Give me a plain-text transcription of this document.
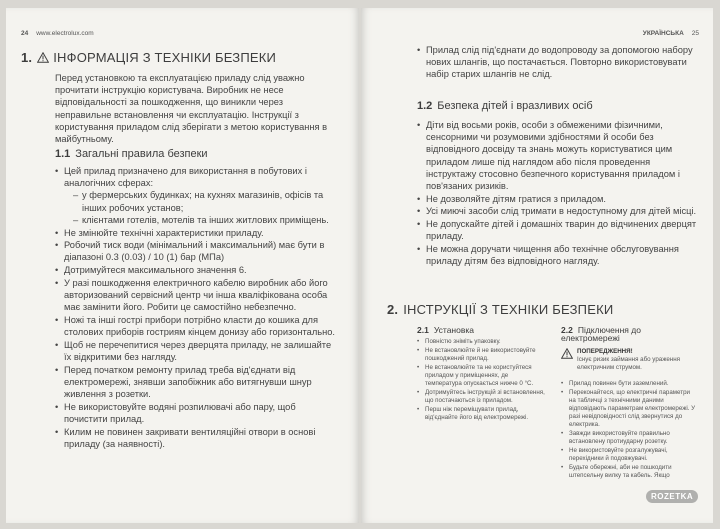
24 www.electrolux.com
1. ІНФОРМАЦІЯ З ТЕХНІКИ БЕЗПЕКИ
Перед установкою та експлуатацією приладу слід уважно прочитати інструкцію користувача. Виробник не несе відповідальності за пошкодження, що виникли через неправильне встановлення чи експлуатацію. Інструкції з користування приладом слід зберігати з метою користування в майбутньому.
1.1 Загальні правила безпеки
• Цей прилад призначено для використання в побутових і аналогічних сферах:
– у фермерських будинках; на кухнях магазинів, офісів та інших робочих установ;
– клієнтами готелів, мотелів та інших житлових приміщень.
• Не змінюйте технічні характеристики приладу.
• Робочий тиск води (мінімальний і максимальний) має бути в діапазоні 0.3 (0.03) / 10 (1) бар (МПа)
• Дотримуйтеся максимального значення 6.
• У разі пошкодження електричного кабелю виробник або його авторизований сервісний центр чи інша кваліфікована особа має замінити його. Робити це самостійно небезпечно.
• Ножі та інші гострі прибори потрібно класти до кошика для столових приборів гостриям кінцем донизу або горизонтально.
• Щоб не перечепитися через дверцята приладу, не залишайте їх відкритими без нагляду.
• Перед початком ремонту прилад треба від'єднати від електромережі, знявши запобіжник або витягнувши шнур живлення з розетки.
• Не використовуйте водяні розпилювачі або пару, щоб почистити прилад.
• Килим не повинен закривати вентиляційні отвори в основі приладу (за наявності).
УКРАЇНСЬКА 25
• Прилад слід під'єднати до водопроводу за допомогою набору нових шлангів, що постачається. Повторно використовувати набір старих шлангів не слід.
1.2 Безпека дітей і вразливих осіб
• Діти від восьми років, особи з обмеженими фізичними, сенсорними чи розумовими здібностями й особи без відповідного досвіду та знань можуть користуватися цим приладом лише під наглядом або після проведення інструктажу стосовно безпечного користування приладом і пов'язаних ризиків.
• Не дозволяйте дітям гратися з приладом.
• Усі миючі засоби слід тримати в недоступному для дітей місці.
• Не допускайте дітей і домашніх тварин до відчинених дверцят приладу.
• Не можна доручати чищення або технічне обслуговування приладу дітям без відповідного нагляду.
2. ІНСТРУКЦІЇ З ТЕХНІКИ БЕЗПЕКИ
2.1 Установка
• Повністю зніміть упаковку.
• Не встановлюйте й не використовуйте пошкоджений прилад.
• Не встановлюйте та не користуйтеся приладом у приміщеннях, де температура опускається нижче 0 °C.
• Дотримуйтесь інструкцій зі встановлення, що постачаються із приладом.
• Перш ніж переміщувати прилад, від'єднайте його від електромережі.
2.2 Підключення до електромережі
ПОПЕРЕДЖЕННЯ!
Існує ризик займання або ураження електричним струмом.
• Прилад повинен бути заземлений.
• Переконайтеся, що електричні параметри на табличці з технічними даними відповідають параметрам електромережі. У разі невідповідності слід звернутися до електрика.
• Завжди використовуйте правильно встановлену протиударну розетку.
• Не використовуйте розгалужувачі, перехідники й подовжувачі.
• Будьте обережні, аби не пошкодити штепсельну вилку та кабель. Якщо
ROZETKA
